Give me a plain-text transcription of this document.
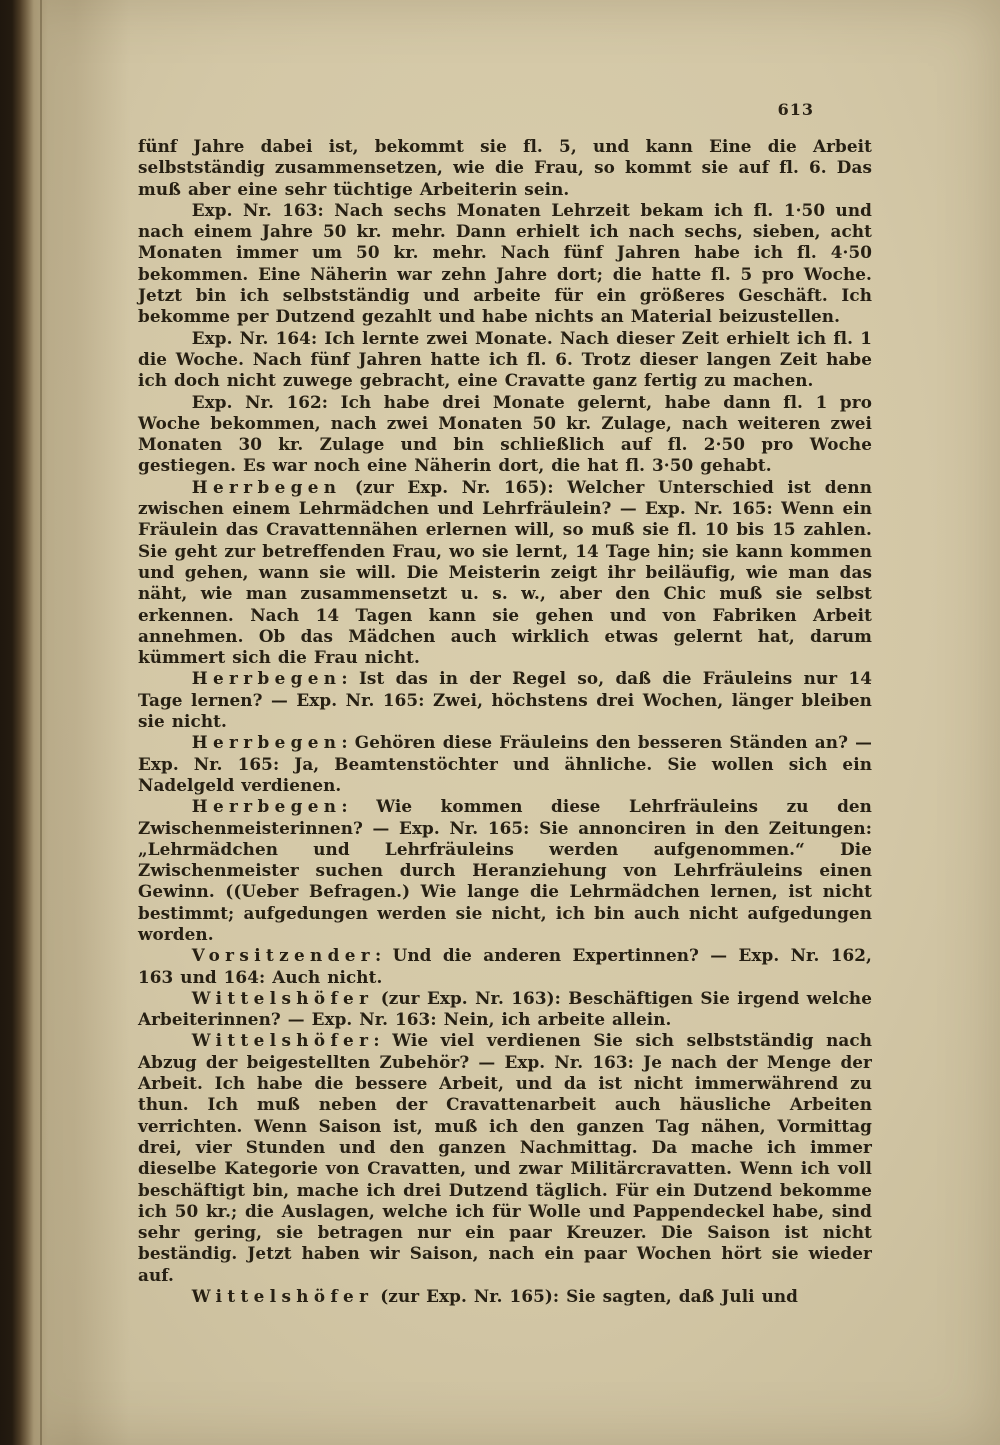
613

fünf Jahre dabei ist, bekommt sie fl. 5, und kann Eine die Arbeit selbstständig zusammensetzen, wie die Frau, so kommt sie auf fl. 6. Das muß aber eine sehr tüchtige Arbeiterin sein.

Exp. Nr. 163: Nach sechs Monaten Lehrzeit bekam ich fl. 1·50 und nach einem Jahre 50 kr. mehr. Dann erhielt ich nach sechs, sieben, acht Monaten immer um 50 kr. mehr. Nach fünf Jahren habe ich fl. 4·50 bekommen. Eine Näherin war zehn Jahre dort; die hatte fl. 5 pro Woche. Jetzt bin ich selbstständig und arbeite für ein größeres Geschäft. Ich bekomme per Dutzend gezahlt und habe nichts an Material beizustellen.

Exp. Nr. 164: Ich lernte zwei Monate. Nach dieser Zeit erhielt ich fl. 1 die Woche. Nach fünf Jahren hatte ich fl. 6. Trotz dieser langen Zeit habe ich doch nicht zuwege gebracht, eine Cravatte ganz fertig zu machen.

Exp. Nr. 162: Ich habe drei Monate gelernt, habe dann fl. 1 pro Woche bekommen, nach zwei Monaten 50 kr. Zulage, nach weiteren zwei Monaten 30 kr. Zulage und bin schließlich auf fl. 2·50 pro Woche gestiegen. Es war noch eine Näherin dort, die hat fl. 3·50 gehabt.

Herrbegen (zur Exp. Nr. 165): Welcher Unterschied ist denn zwischen einem Lehrmädchen und Lehrfräulein? — Exp. Nr. 165: Wenn ein Fräulein das Cravattennähen erlernen will, so muß sie fl. 10 bis 15 zahlen. Sie geht zur betreffenden Frau, wo sie lernt, 14 Tage hin; sie kann kommen und gehen, wann sie will. Die Meisterin zeigt ihr beiläufig, wie man das näht, wie man zusammensetzt u. s. w., aber den Chic muß sie selbst erkennen. Nach 14 Tagen kann sie gehen und von Fabriken Arbeit annehmen. Ob das Mädchen auch wirklich etwas gelernt hat, darum kümmert sich die Frau nicht.

Herrbegen: Ist das in der Regel so, daß die Fräuleins nur 14 Tage lernen? — Exp. Nr. 165: Zwei, höchstens drei Wochen, länger bleiben sie nicht.

Herrbegen: Gehören diese Fräuleins den besseren Ständen an? — Exp. Nr. 165: Ja, Beamtenstöchter und ähnliche. Sie wollen sich ein Nadelgeld verdienen.

Herrbegen: Wie kommen diese Lehrfräuleins zu den Zwischenmeisterinnen? — Exp. Nr. 165: Sie annonciren in den Zeitungen: „Lehrmädchen und Lehrfräuleins werden aufgenommen.“ Die Zwischenmeister suchen durch Heranziehung von Lehrfräuleins einen Gewinn. ((Ueber Befragen.) Wie lange die Lehrmädchen lernen, ist nicht bestimmt; aufgedungen werden sie nicht, ich bin auch nicht aufgedungen worden.

Vorsitzender: Und die anderen Expertinnen? — Exp. Nr. 162, 163 und 164: Auch nicht.

Wittelshöfer (zur Exp. Nr. 163): Beschäftigen Sie irgend welche Arbeiterinnen? — Exp. Nr. 163: Nein, ich arbeite allein.

Wittelshöfer: Wie viel verdienen Sie sich selbstständig nach Abzug der beigestellten Zubehör? — Exp. Nr. 163: Je nach der Menge der Arbeit. Ich habe die bessere Arbeit, und da ist nicht immerwährend zu thun. Ich muß neben der Cravattenarbeit auch häusliche Arbeiten verrichten. Wenn Saison ist, muß ich den ganzen Tag nähen, Vormittag drei, vier Stunden und den ganzen Nachmittag. Da mache ich immer dieselbe Kategorie von Cravatten, und zwar Militärcravatten. Wenn ich voll beschäftigt bin, mache ich drei Dutzend täglich. Für ein Dutzend bekomme ich 50 kr.; die Auslagen, welche ich für Wolle und Pappendeckel habe, sind sehr gering, sie betragen nur ein paar Kreuzer. Die Saison ist nicht beständig. Jetzt haben wir Saison, nach ein paar Wochen hört sie wieder auf.

Wittelshöfer (zur Exp. Nr. 165): Sie sagten, daß Juli und
